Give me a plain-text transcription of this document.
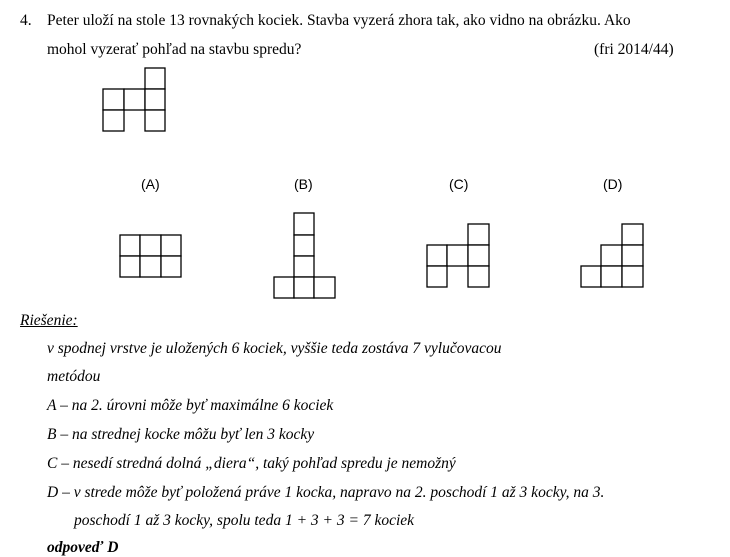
4. Peter uloží na stole 13 rovnakých kociek. Stavba vyzerá zhora tak, ako vidno na obrázku. Ako
mohol vyzerať pohľad na stavbu spredu?	(fri 2014/44)
(A)	(B)	(C)	(D)
Riešenie:
v spodnej vrstve je uložených 6 kociek, vyššie teda zostáva 7 vylučovacou
metódou
A – na 2. úrovni môže byť maximálne 6 kociek
B – na strednej kocke môžu byť len 3 kocky
C – nesedí stredná dolná „diera“, taký pohľad spredu je nemožný
D – v strede môže byť položená práve 1 kocka, napravo na 2. poschodí 1 až 3 kocky, na 3.
poschodí 1 až 3 kocky, spolu teda 1 + 3 + 3 = 7 kociek
odpoveď D
